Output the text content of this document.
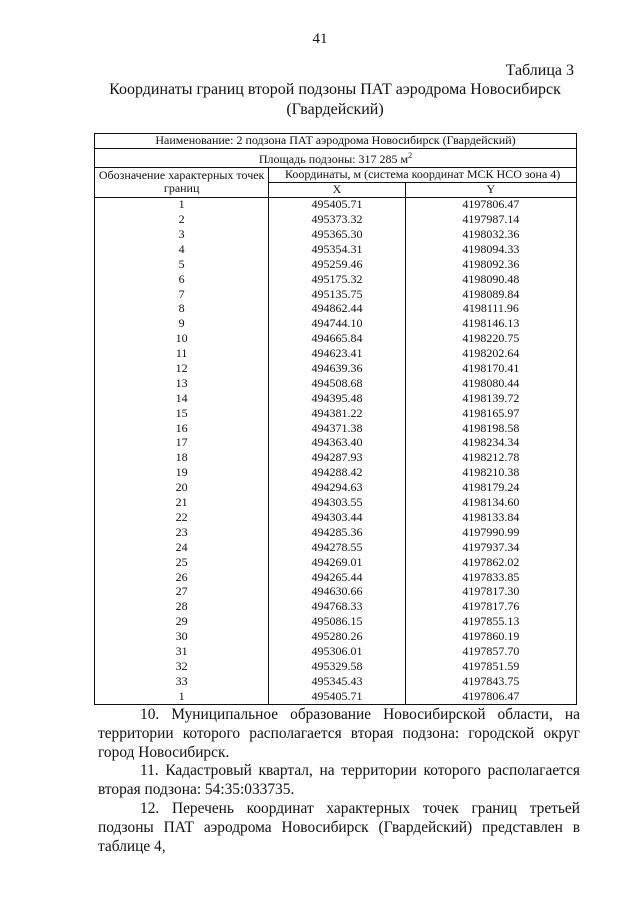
41
Таблица 3
Координаты границ второй подзоны ПАТ аэродрома Новосибирск (Гвардейский)
Наименование: 2 подзона ПАТ аэродрома Новосибирск (Гвардейский)		
Площадь подзоны: 317 285 $м^2$
Обозначение характерных точек границ	Координаты, м (система координат МСК НСО зона 4)	
	X	Y
1	495405.71	4197806.47
2	495373.32	4197987.14
3	495365.30	4198032.36
4	495354.31	4198094.33
5	495259.46	4198092.36
6	495175.32	4198090.48
7	495135.75	4198089.84
8	494862.44	4198111.96
9	494744.10	4198146.13
10	494665.84	4198220.75
11	494623.41	4198202.64
12	494639.36	4198170.41
13	494508.68	4198080.44
14	494395.48	4198139.72
15	494381.22	4198165.97
16	494371.38	4198198.58
17	494363.40	4198234.34
18	494287.93	4198212.78
19	494288.42	4198210.38
20	494294.63	4198179.24
21	494303.55	4198134.60
22	494303.44	4198133.84
23	494285.36	4197990.99
24	494278.55	4197937.34
25	494269.01	4197862.02
26	494265.44	4197833.85
27	494630.66	4197817.30
28	494768.33	4197817.76
29	495086.15	4197855.13
30	495280.26	4197860.19
31	495306.01	4197857.70
32	495329.58	4197851.59
33	495345.43	4197843.75
1	495405.71	4197806.47
10. Муниципальное образование Новосибирской области, на территории которого располагается вторая подзона: городской округ город Новосибирск.
11. Кадастровый квартал, на территории которого располагается вторая подзона: 54:35:033735.
12. Перечень координат характерных точек границ третьей подзоны ПАТ аэродрома Новосибирск (Гвардейский) представлен в таблице 4,
